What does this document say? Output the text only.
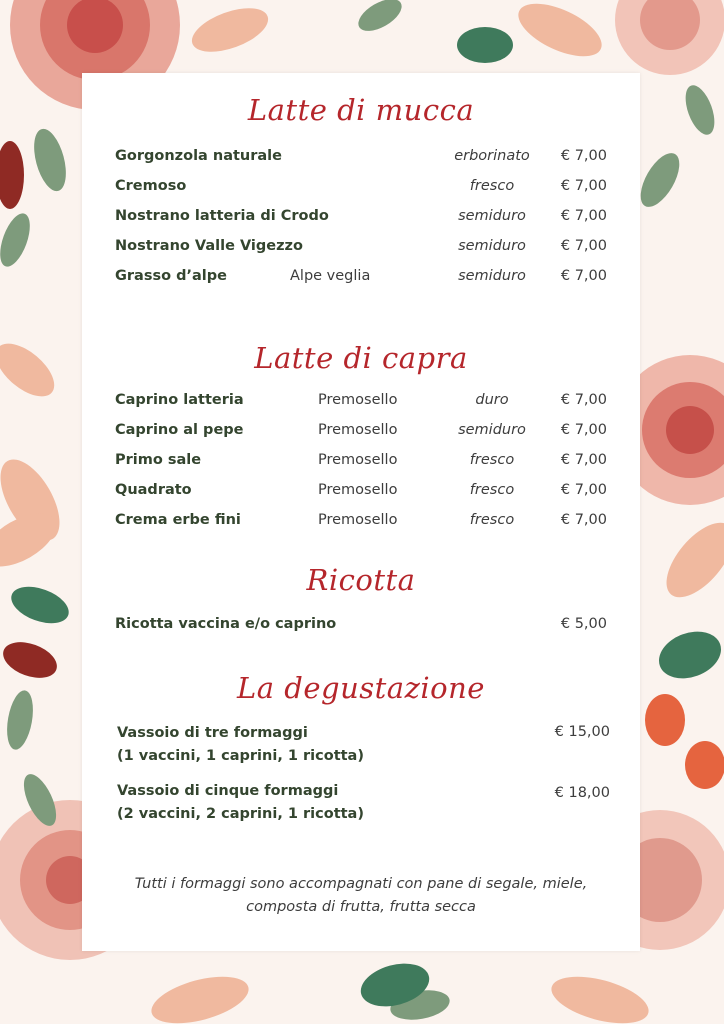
Latte di mucca
Gorgonzola naturale	erborinato € 7,00
Cremoso	fresco	€ 7,00
Nostrano latteria di Crodo	semiduro € 7,00
Nostrano Valle Vigezzo	semiduro € 7,00
Grasso d’alpe	Alpe veglia	semiduro € 7,00
Latte di capra
Caprino latteria	Premosello	duro	€ 7,00
Caprino al pepe	Premosello	semiduro € 7,00
Primo sale	Premosello	fresco	€ 7,00
Quadrato	Premosello	fresco	€ 7,00
Crema erbe fini	Premosello	fresco	€ 7,00
Ricotta
Ricotta vaccina e/o caprino	€ 5,00
La degustazione
Vassoio di tre formaggi
(1 vaccini, 1 caprini, 1 ricotta)
€ 15,00
Vassoio di cinque formaggi
(2 vaccini, 2 caprini, 1 ricotta)
€ 18,00
Tutti i formaggi sono accompagnati con pane di segale, miele,
composta di frutta, frutta secca
